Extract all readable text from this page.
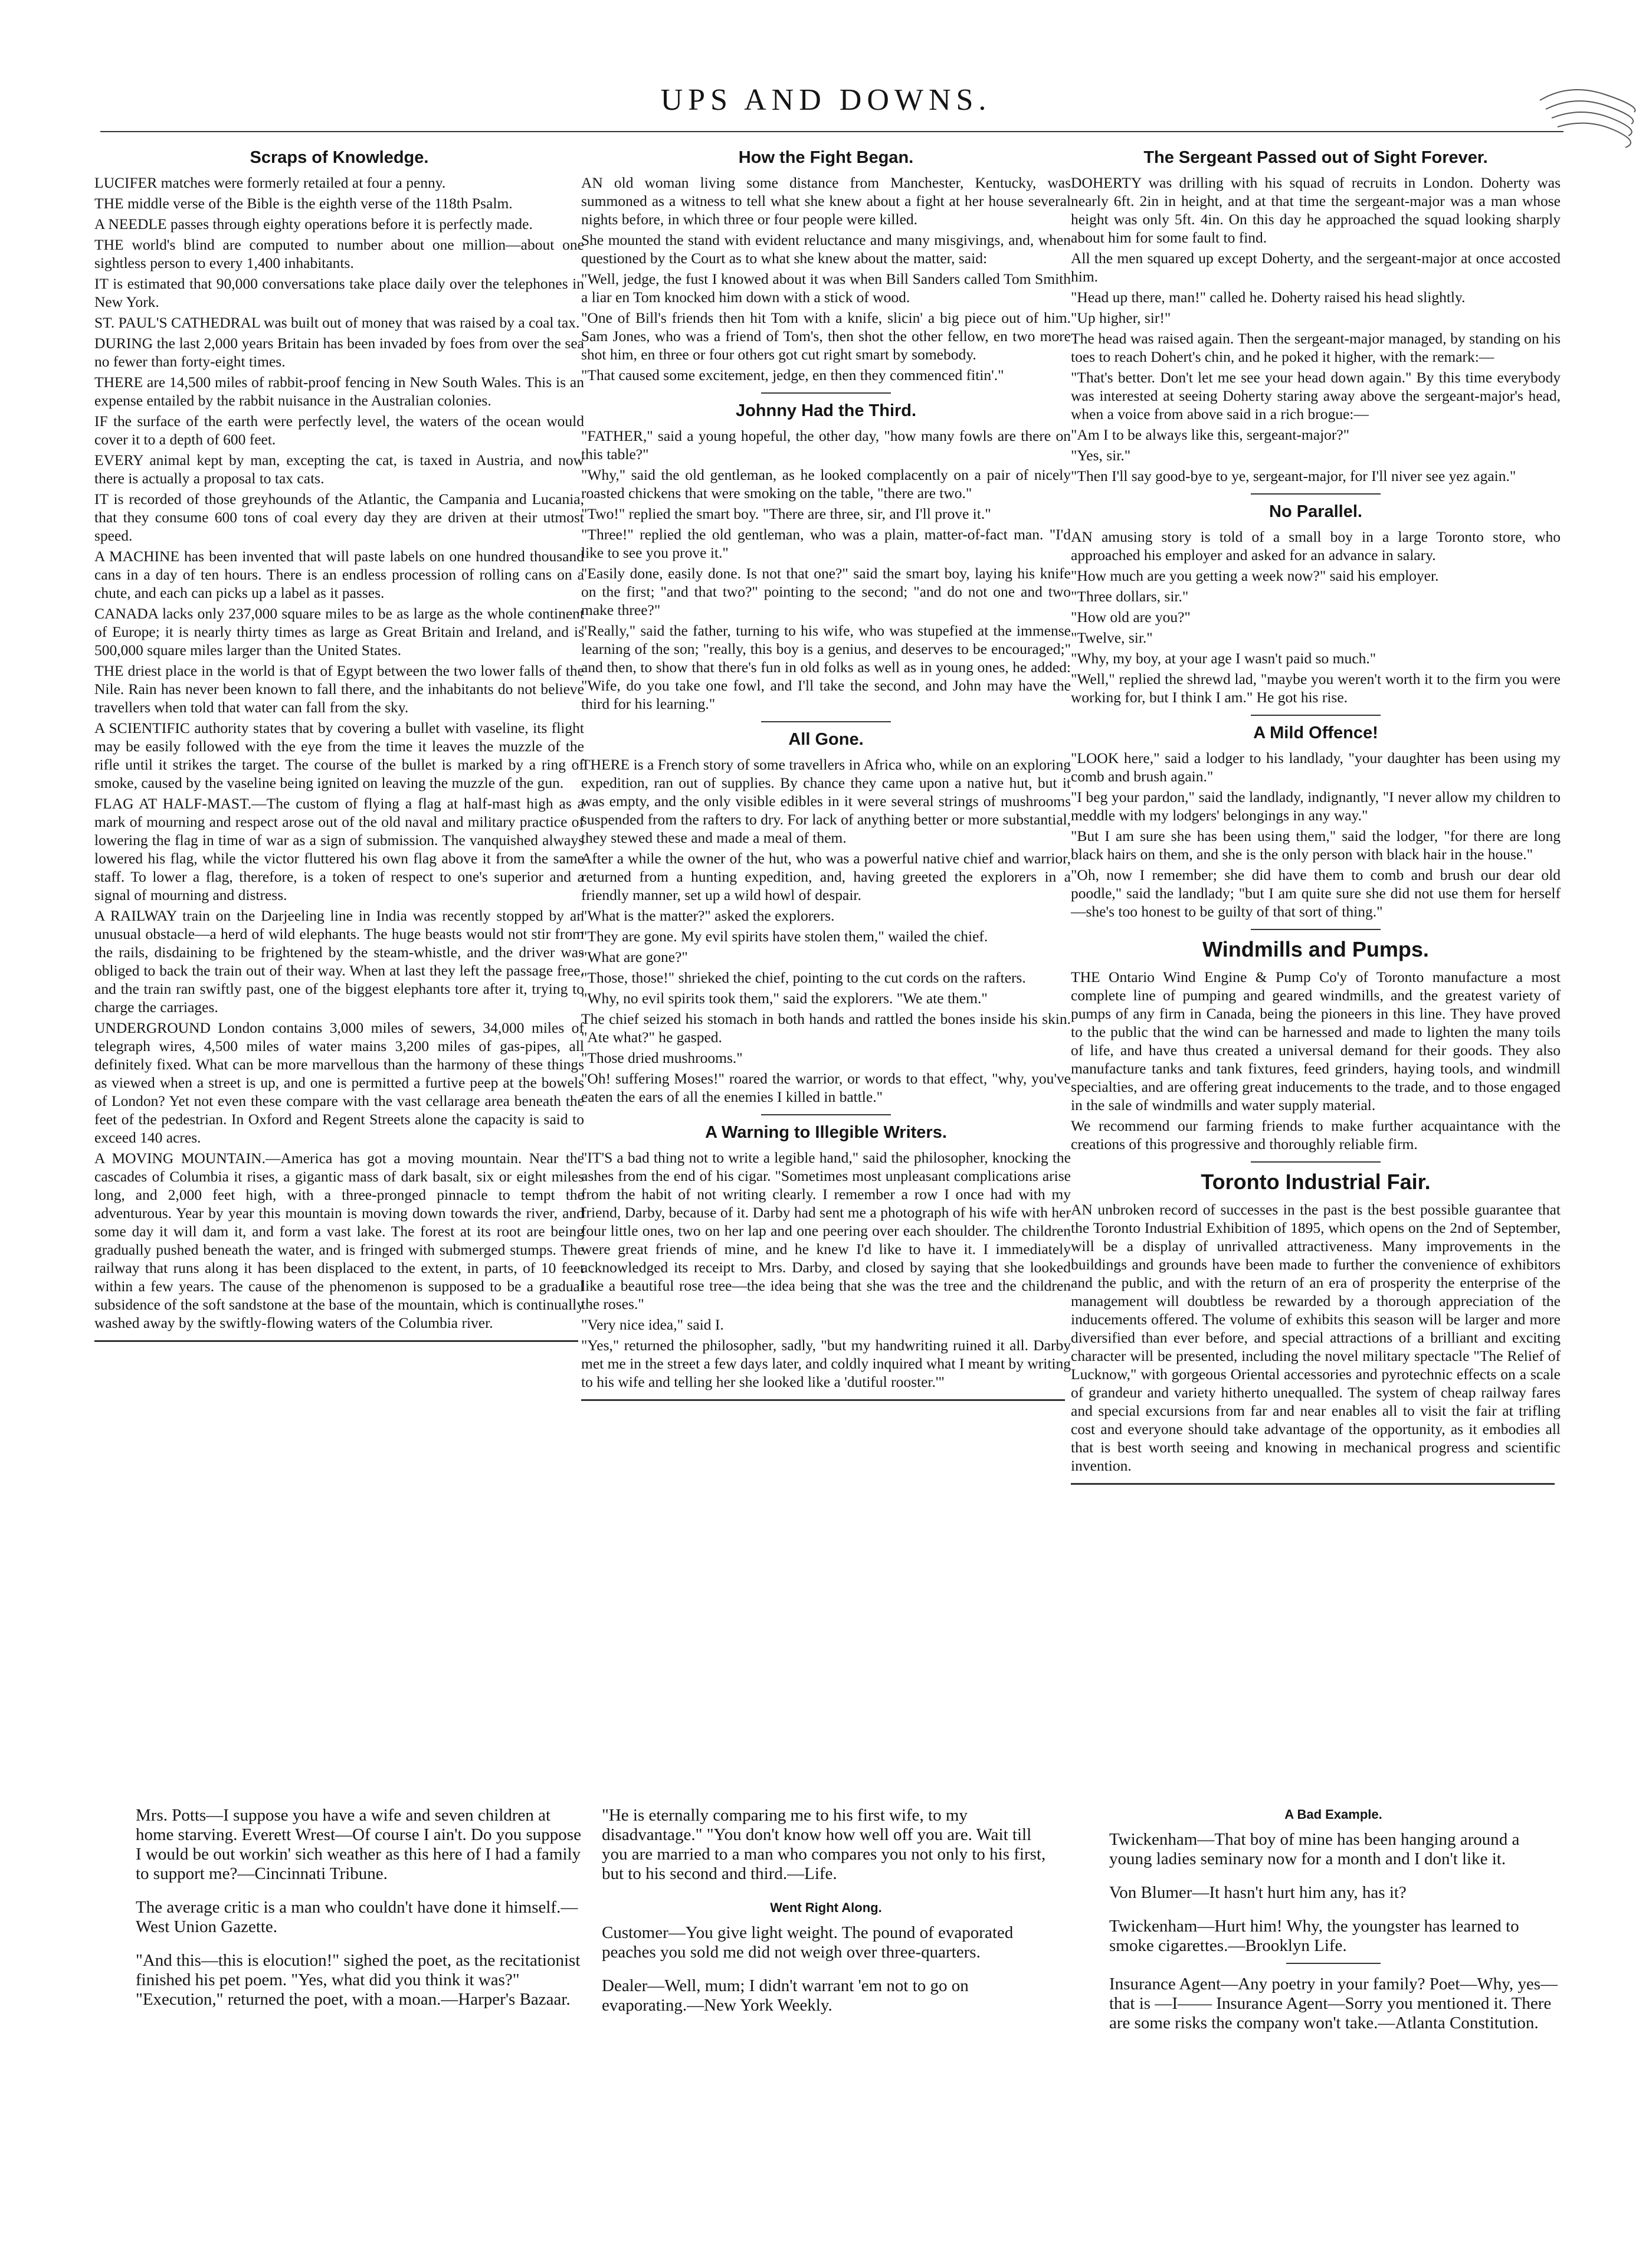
UPS AND DOWNS.
Scraps of Knowledge.

LUCIFER matches were formerly retailed at four a penny.

THE middle verse of the Bible is the eighth verse of the 118th Psalm.

A NEEDLE passes through eighty operations before it is perfectly made.

THE world's blind are computed to number about one million—about one sightless person to every 1,400 inhabitants.

IT is estimated that 90,000 conversations take place daily over the telephones in New York.

ST. PAUL'S CATHEDRAL was built out of money that was raised by a coal tax.

DURING the last 2,000 years Britain has been invaded by foes from over the sea no fewer than forty-eight times.

THERE are 14,500 miles of rabbit-proof fencing in New South Wales. This is an expense entailed by the rabbit nuisance in the Australian colonies.

IF the surface of the earth were perfectly level, the waters of the ocean would cover it to a depth of 600 feet.

EVERY animal kept by man, excepting the cat, is taxed in Austria, and now there is actually a proposal to tax cats.

IT is recorded of those greyhounds of the Atlantic, the Campania and Lucania, that they consume 600 tons of coal every day they are driven at their utmost speed.

A MACHINE has been invented that will paste labels on one hundred thousand cans in a day of ten hours. There is an endless procession of rolling cans on a chute, and each can picks up a label as it passes.

CANADA lacks only 237,000 square miles to be as large as the whole continent of Europe; it is nearly thirty times as large as Great Britain and Ireland, and is 500,000 square miles larger than the United States.

THE driest place in the world is that of Egypt between the two lower falls of the Nile. Rain has never been known to fall there, and the inhabitants do not believe travellers when told that water can fall from the sky.

A SCIENTIFIC authority states that by covering a bullet with vaseline, its flight may be easily followed with the eye from the time it leaves the muzzle of the rifle until it strikes the target. The course of the bullet is marked by a ring of smoke, caused by the vaseline being ignited on leaving the muzzle of the gun.

FLAG AT HALF-MAST.—The custom of flying a flag at half-mast high as a mark of mourning and respect arose out of the old naval and military practice of lowering the flag in time of war as a sign of submission. The vanquished always lowered his flag, while the victor fluttered his own flag above it from the same staff. To lower a flag, therefore, is a token of respect to one's superior and a signal of mourning and distress.

A RAILWAY train on the Darjeeling line in India was recently stopped by an unusual obstacle—a herd of wild elephants. The huge beasts would not stir from the rails, disdaining to be frightened by the steam-whistle, and the driver was obliged to back the train out of their way. When at last they left the passage free, and the train ran swiftly past, one of the biggest elephants tore after it, trying to charge the carriages.

UNDERGROUND London contains 3,000 miles of sewers, 34,000 miles of telegraph wires, 4,500 miles of water mains 3,200 miles of gas-pipes, all definitely fixed. What can be more marvellous than the harmony of these things as viewed when a street is up, and one is permitted a furtive peep at the bowels of London? Yet not even these compare with the vast cellarage area beneath the feet of the pedestrian. In Oxford and Regent Streets alone the capacity is said to exceed 140 acres.

A MOVING MOUNTAIN.—America has got a moving mountain. Near the cascades of Columbia it rises, a gigantic mass of dark basalt, six or eight miles long, and 2,000 feet high, with a three-pronged pinnacle to tempt the adventurous. Year by year this mountain is moving down towards the river, and some day it will dam it, and form a vast lake. The forest at its root are being gradually pushed beneath the water, and is fringed with submerged stumps. The railway that runs along it has been displaced to the extent, in parts, of 10 feet within a few years. The cause of the phenomenon is supposed to be a gradual subsidence of the soft sandstone at the base of the mountain, which is continually washed away by the swiftly-flowing waters of the Columbia river.

How the Fight Began.

AN old woman living some distance from Manchester, Kentucky, was summoned as a witness to tell what she knew about a fight at her house several nights before, in which three or four people were killed.

She mounted the stand with evident reluctance and many misgivings, and, when questioned by the Court as to what she knew about the matter, said:

"Well, jedge, the fust I knowed about it was when Bill Sanders called Tom Smith a liar en Tom knocked him down with a stick of wood.

"One of Bill's friends then hit Tom with a knife, slicin' a big piece out of him. Sam Jones, who was a friend of Tom's, then shot the other fellow, en two more shot him, en three or four others got cut right smart by somebody.

"That caused some excitement, jedge, en then they commenced fitin'."

Johnny Had the Third.

"FATHER," said a young hopeful, the other day, "how many fowls are there on this table?"

"Why," said the old gentleman, as he looked complacently on a pair of nicely roasted chickens that were smoking on the table, "there are two."

"Two!" replied the smart boy. "There are three, sir, and I'll prove it."

"Three!" replied the old gentleman, who was a plain, matter-of-fact man. "I'd like to see you prove it."

"Easily done, easily done. Is not that one?" said the smart boy, laying his knife on the first; "and that two?" pointing to the second; "and do not one and two make three?"

"Really," said the father, turning to his wife, who was stupefied at the immense learning of the son; "really, this boy is a genius, and deserves to be encouraged;" and then, to show that there's fun in old folks as well as in young ones, he added: "Wife, do you take one fowl, and I'll take the second, and John may have the third for his learning."

All Gone.

THERE is a French story of some travellers in Africa who, while on an exploring expedition, ran out of supplies. By chance they came upon a native hut, but it was empty, and the only visible edibles in it were several strings of mushrooms suspended from the rafters to dry. For lack of anything better or more substantial, they stewed these and made a meal of them.

After a while the owner of the hut, who was a powerful native chief and warrior, returned from a hunting expedition, and, having greeted the explorers in a friendly manner, set up a wild howl of despair.

"What is the matter?" asked the explorers.

"They are gone. My evil spirits have stolen them," wailed the chief.

"What are gone?"

"Those, those!" shrieked the chief, pointing to the cut cords on the rafters.

"Why, no evil spirits took them," said the explorers. "We ate them."

The chief seized his stomach in both hands and rattled the bones inside his skin. "Ate what?" he gasped.

"Those dried mushrooms."

"Oh! suffering Moses!" roared the warrior, or words to that effect, "why, you've eaten the ears of all the enemies I killed in battle."

A Warning to Illegible Writers.

"IT'S a bad thing not to write a legible hand," said the philosopher, knocking the ashes from the end of his cigar. "Sometimes most unpleasant complications arise from the habit of not writing clearly. I remember a row I once had with my friend, Darby, because of it. Darby had sent me a photograph of his wife with her four little ones, two on her lap and one peering over each shoulder. The children were great friends of mine, and he knew I'd like to have it. I immediately acknowledged its receipt to Mrs. Darby, and closed by saying that she looked like a beautiful rose tree—the idea being that she was the tree and the children the roses."

"Very nice idea," said I.

"Yes," returned the philosopher, sadly, "but my handwriting ruined it all. Darby met me in the street a few days later, and coldly inquired what I meant by writing to his wife and telling her she looked like a 'dutiful rooster.'"

The Sergeant Passed out of Sight Forever.

DOHERTY was drilling with his squad of recruits in London. Doherty was nearly 6ft. 2in in height, and at that time the sergeant-major was a man whose height was only 5ft. 4in. On this day he approached the squad looking sharply about him for some fault to find.

All the men squared up except Doherty, and the sergeant-major at once accosted him.

"Head up there, man!" called he. Doherty raised his head slightly.

"Up higher, sir!"

The head was raised again. Then the sergeant-major managed, by standing on his toes to reach Dohert's chin, and he poked it higher, with the remark:—

"That's better. Don't let me see your head down again." By this time everybody was interested at seeing Doherty staring away above the sergeant-major's head, when a voice from above said in a rich brogue:—

"Am I to be always like this, sergeant-major?"

"Yes, sir."

"Then I'll say good-bye to ye, sergeant-major, for I'll niver see yez again."

No Parallel.

AN amusing story is told of a small boy in a large Toronto store, who approached his employer and asked for an advance in salary.

"How much are you getting a week now?" said his employer.

"Three dollars, sir."

"How old are you?"

"Twelve, sir."

"Why, my boy, at your age I wasn't paid so much."

"Well," replied the shrewd lad, "maybe you weren't worth it to the firm you were working for, but I think I am." He got his rise.

A Mild Offence!

"LOOK here," said a lodger to his landlady, "your daughter has been using my comb and brush again."

"I beg your pardon," said the landlady, indignantly, "I never allow my children to meddle with my lodgers' belongings in any way."

"But I am sure she has been using them," said the lodger, "for there are long black hairs on them, and she is the only person with black hair in the house."

"Oh, now I remember; she did have them to comb and brush our dear old poodle," said the landlady; "but I am quite sure she did not use them for herself—she's too honest to be guilty of that sort of thing."

Windmills and Pumps.

THE Ontario Wind Engine & Pump Co'y of Toronto manufacture a most complete line of pumping and geared windmills, and the greatest variety of pumps of any firm in Canada, being the pioneers in this line. They have proved to the public that the wind can be harnessed and made to lighten the many toils of life, and have thus created a universal demand for their goods. They also manufacture tanks and tank fixtures, feed grinders, haying tools, and windmill specialties, and are offering great inducements to the trade, and to those engaged in the sale of windmills and water supply material.

We recommend our farming friends to make further acquaintance with the creations of this progressive and thoroughly reliable firm.

Toronto Industrial Fair.

AN unbroken record of successes in the past is the best possible guarantee that the Toronto Industrial Exhibition of 1895, which opens on the 2nd of September, will be a display of unrivalled attractiveness. Many improvements in the buildings and grounds have been made to further the convenience of exhibitors and the public, and with the return of an era of prosperity the enterprise of the management will doubtless be rewarded by a thorough appreciation of the inducements offered. The volume of exhibits this season will be larger and more diversified than ever before, and special attractions of a brilliant and exciting character will be presented, including the novel military spectacle "The Relief of Lucknow," with gorgeous Oriental accessories and pyrotechnic effects on a scale of grandeur and variety hitherto unequalled. The system of cheap railway fares and special excursions from far and near enables all to visit the fair at trifling cost and everyone should take advantage of the opportunity, as it embodies all that is best worth seeing and knowing in mechanical progress and scientific invention.

Mrs. Potts—I suppose you have a wife and seven children at home starving. Everett Wrest—Of course I ain't. Do you suppose I would be out workin' sich weather as this here of I had a family to support me?—Cincinnati Tribune.

The average critic is a man who couldn't have done it himself.—West Union Gazette.

"And this—this is elocution!" sighed the poet, as the recitationist finished his pet poem. "Yes, what did you think it was?" "Execution," returned the poet, with a moan.—Harper's Bazaar.

"He is eternally comparing me to his first wife, to my disadvantage." "You don't know how well off you are. Wait till you are married to a man who compares you not only to his first, but to his second and third.—Life.

Went Right Along.

Customer—You give light weight. The pound of evaporated peaches you sold me did not weigh over three-quarters.

Dealer—Well, mum; I didn't warrant 'em not to go on evaporating.—New York Weekly.

A Bad Example.

Twickenham—That boy of mine has been hanging around a young ladies seminary now for a month and I don't like it.

Von Blumer—It hasn't hurt him any, has it?

Twickenham—Hurt him! Why, the youngster has learned to smoke cigarettes.—Brooklyn Life.

Insurance Agent—Any poetry in your family? Poet—Why, yes—that is —I—— Insurance Agent—Sorry you mentioned it. There are some risks the company won't take.—Atlanta Constitution.
